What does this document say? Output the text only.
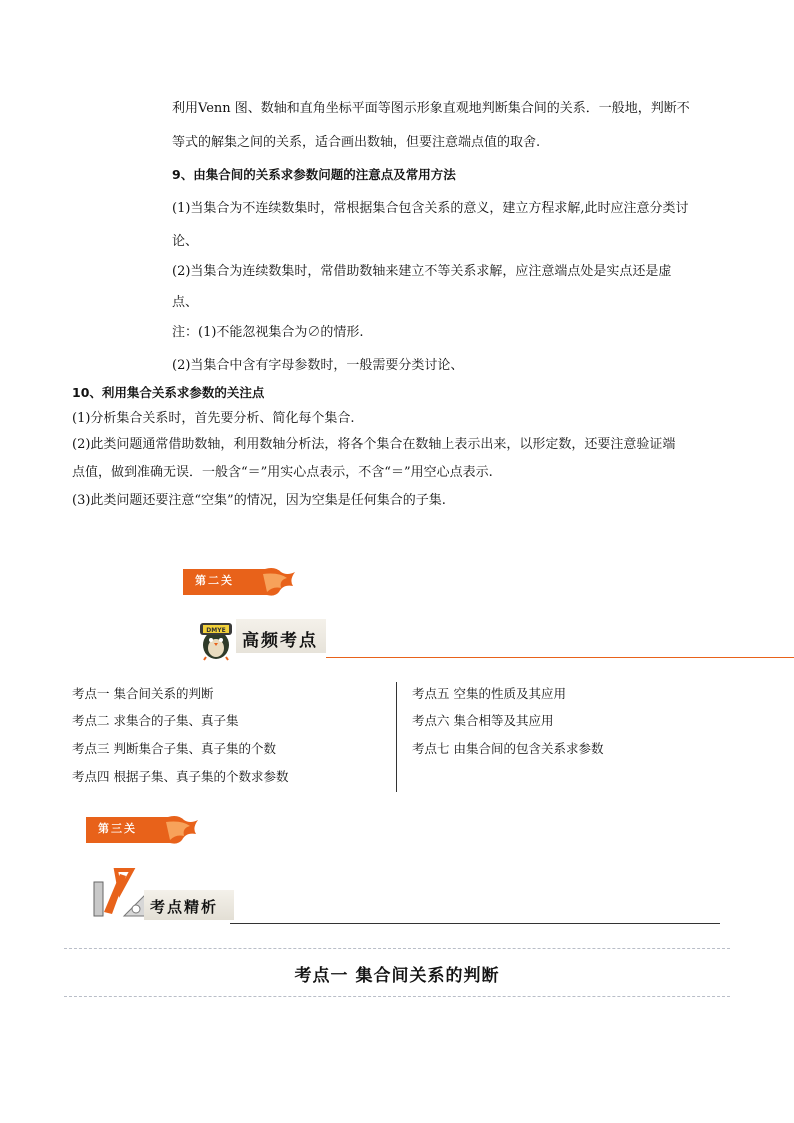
利用Venn 图、数轴和直角坐标平面等图示形象直观地判断集合间的关系．一般地，判断不
等式的解集之间的关系，适合画出数轴，但要注意端点值的取舍.
9、由集合间的关系求参数问题的注意点及常用方法
(1)当集合为不连续数集时，常根据集合包含关系的意义，建立方程求解,此时应注意分类讨
论、
(2)当集合为连续数集时，常借助数轴来建立不等关系求解，应注意端点处是实点还是虚
点、
注：(1)不能忽视集合为∅的情形.
(2)当集合中含有字母参数时，一般需要分类讨论、
10、利用集合关系求参数的关注点
(1)分析集合关系时，首先要分析、简化每个集合.
(2)此类问题通常借助数轴，利用数轴分析法，将各个集合在数轴上表示出来，以形定数，还要注意验证端
点值，做到准确无误．一般含“＝”用实心点表示，不含“＝”用空心点表示.
(3)此类问题还要注意“空集”的情况，因为空集是任何集合的子集.
第二关
DMYE
高频考点
考点一 集合间关系的判断
考点二 求集合的子集、真子集
考点三 判断集合子集、真子集的个数
考点四 根据子集、真子集的个数求参数
考点五 空集的性质及其应用
考点六 集合相等及其应用
考点七 由集合间的包含关系求参数
第三关
考点精析
考点一 集合间关系的判断
